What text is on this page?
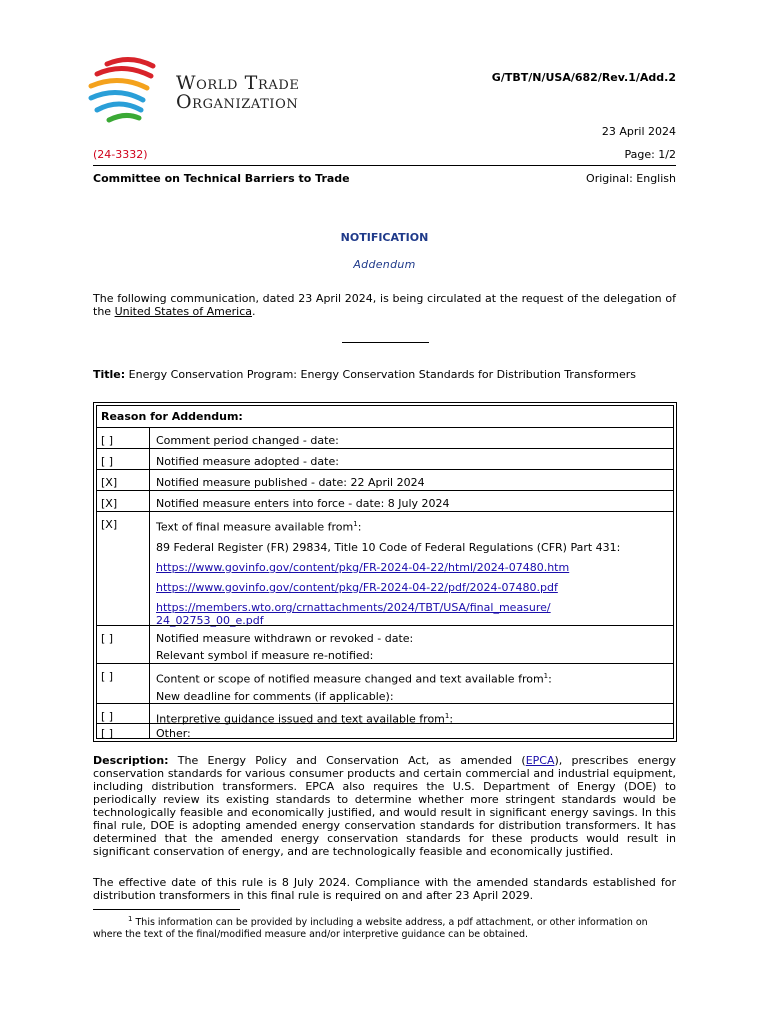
World Trade
Organization
G/TBT/N/USA/682/Rev.1/Add.2
23 April 2024
(24-3332)	Page: 1/2
Committee on Technical Barriers to Trade	Original: English
NOTIFICATION
Addendum
The following communication, dated 23 April 2024, is being circulated at the request of the delegation of the United States of America.
Title: Energy Conservation Program: Energy Conservation Standards for Distribution Transformers
Reason for Addendum:
[ ]	Comment period changed - date:
[ ]	Notified measure adopted - date:
[X]	Notified measure published - date: 22 April 2024
[X]	Notified measure enters into force - date: 8 July 2024
[X]	Text of final measure available from$^1$:
89 Federal Register (FR) 29834, Title 10 Code of Federal Regulations (CFR) Part 431:
https://www.govinfo.gov/content/pkg/FR-2024-04-22/html/2024-07480.htm
https://www.govinfo.gov/content/pkg/FR-2024-04-22/pdf/2024-07480.pdf
https://members.wto.org/crnattachments/2024/TBT/USA/final_measure/
24_02753_00_e.pdf
[ ]	Notified measure withdrawn or revoked - date:
Relevant symbol if measure re-notified:
[ ]	Content or scope of notified measure changed and text available from$^1$:
New deadline for comments (if applicable):
[ ]	Interpretive guidance issued and text available from$^1$:
[ ]	Other:
Description: The Energy Policy and Conservation Act, as amended (EPCA), prescribes energy conservation standards for various consumer products and certain commercial and industrial equipment, including distribution transformers. EPCA also requires the U.S. Department of Energy (DOE) to periodically review its existing standards to determine whether more stringent standards would be technologically feasible and economically justified, and would result in significant energy savings. In this final rule, DOE is adopting amended energy conservation standards for distribution transformers. It has determined that the amended energy conservation standards for these products would result in significant conservation of energy, and are technologically feasible and economically justified.
The effective date of this rule is 8 July 2024. Compliance with the amended standards established for distribution transformers in this final rule is required on and after 23 April 2029.
$^1$ This information can be provided by including a website address, a pdf attachment, or other information on where the text of the final/modified measure and/or interpretive guidance can be obtained.
